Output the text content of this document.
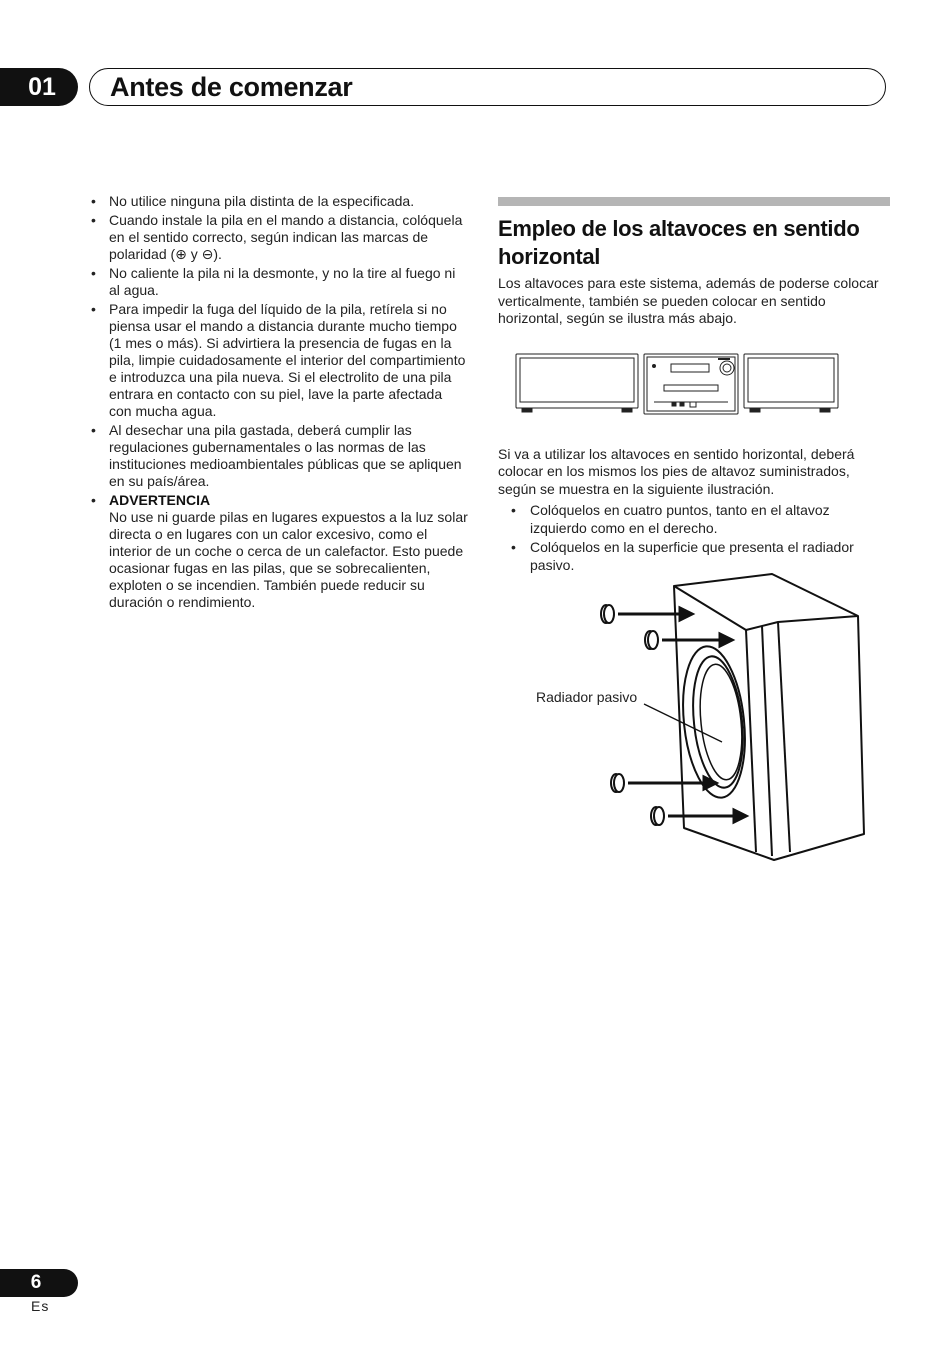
01 Antes de comenzar
• No utilice ninguna pila distinta de la especificada.
• Cuando instale la pila en el mando a distancia, colóquela en el sentido correcto, según indican las marcas de polaridad (⊕ y ⊖).
• No caliente la pila ni la desmonte, y no la tire al fuego ni al agua.
• Para impedir la fuga del líquido de la pila, retírela si no piensa usar el mando a distancia durante mucho tiempo (1 mes o más). Si advirtiera la presencia de fugas en la pila, limpie cuidadosamente el interior del compartimiento e introduzca una pila nueva. Si el electrolito de una pila entrara en contacto con su piel, lave la parte afectada con mucha agua.
• Al desechar una pila gastada, deberá cumplir las regulaciones gubernamentales o las normas de las instituciones medioambientales públicas que se apliquen en su país/área.
• ADVERTENCIA
No use ni guarde pilas en lugares expuestos a la luz solar directa o en lugares con un calor excesivo, como el interior de un coche o cerca de un calefactor. Esto puede ocasionar fugas en las pilas, que se sobrecalienten, exploten o se incendien. También puede reducir su duración o rendimiento.
Empleo de los altavoces en sentido horizontal

Los altavoces para este sistema, además de poderse colocar verticalmente, también se pueden colocar en sentido horizontal, según se ilustra más abajo.

Si va a utilizar los altavoces en sentido horizontal, deberá colocar en los mismos los pies de altavoz suministrados, según se muestra en la siguiente ilustración.

• Colóquelos en cuatro puntos, tanto en el altavoz izquierdo como en el derecho.
• Colóquelos en la superficie que presenta el radiador pasivo.
Radiador pasivo
6
Es
